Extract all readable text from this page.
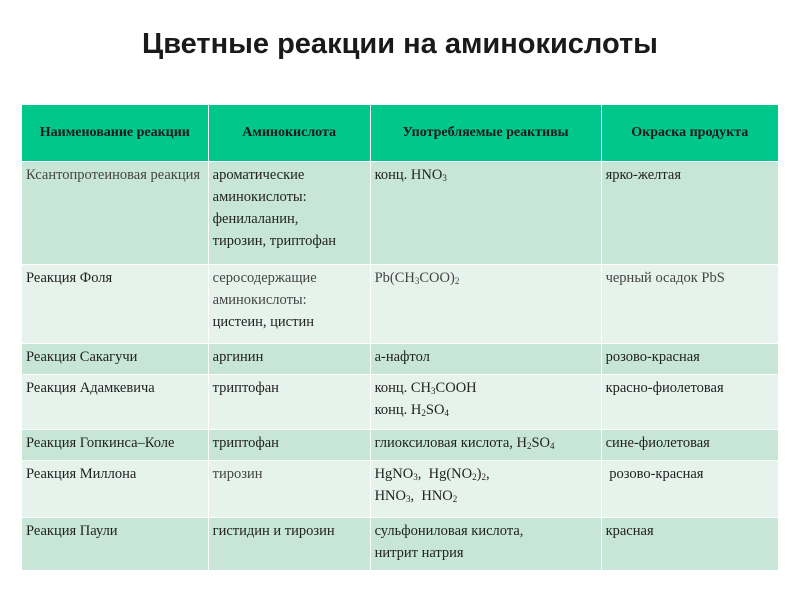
Цветные реакции на аминокислоты
Наименование реакции	Аминокислота	Употребляемые реактивы	Окраска продукта
Ксантопротеиновая реакция	ароматические
аминокислоты:
фенилаланин,
тирозин, триптофан	конц. $HNO_3$	ярко-желтая
Реакция Фоля	серосодержащие
аминокислоты:
цистеин, цистин	$Pb(CH_3COO)_2$	черный осадок PbS
Реакция Сакагучи	аргинин	a-нафтол	розово-красная
Реакция Адамкевича	триптофан	конц. $CH_3COOH$
конц. $H_2SO_4$	красно-фиолетовая
Реакция Гопкинса–Коле	триптофан	глиоксиловая кислота, $H_2SO_4$	сине-фиолетовая
Реакция Миллона	тирозин	HgNO$_3$,  $Hg(NO_2)_2$,
$HNO_3$,  $HNO_2$	розово-красная
Реакция Паули	гистидин и тирозин	сульфониловая кислота,
нитрит натрия	красная
